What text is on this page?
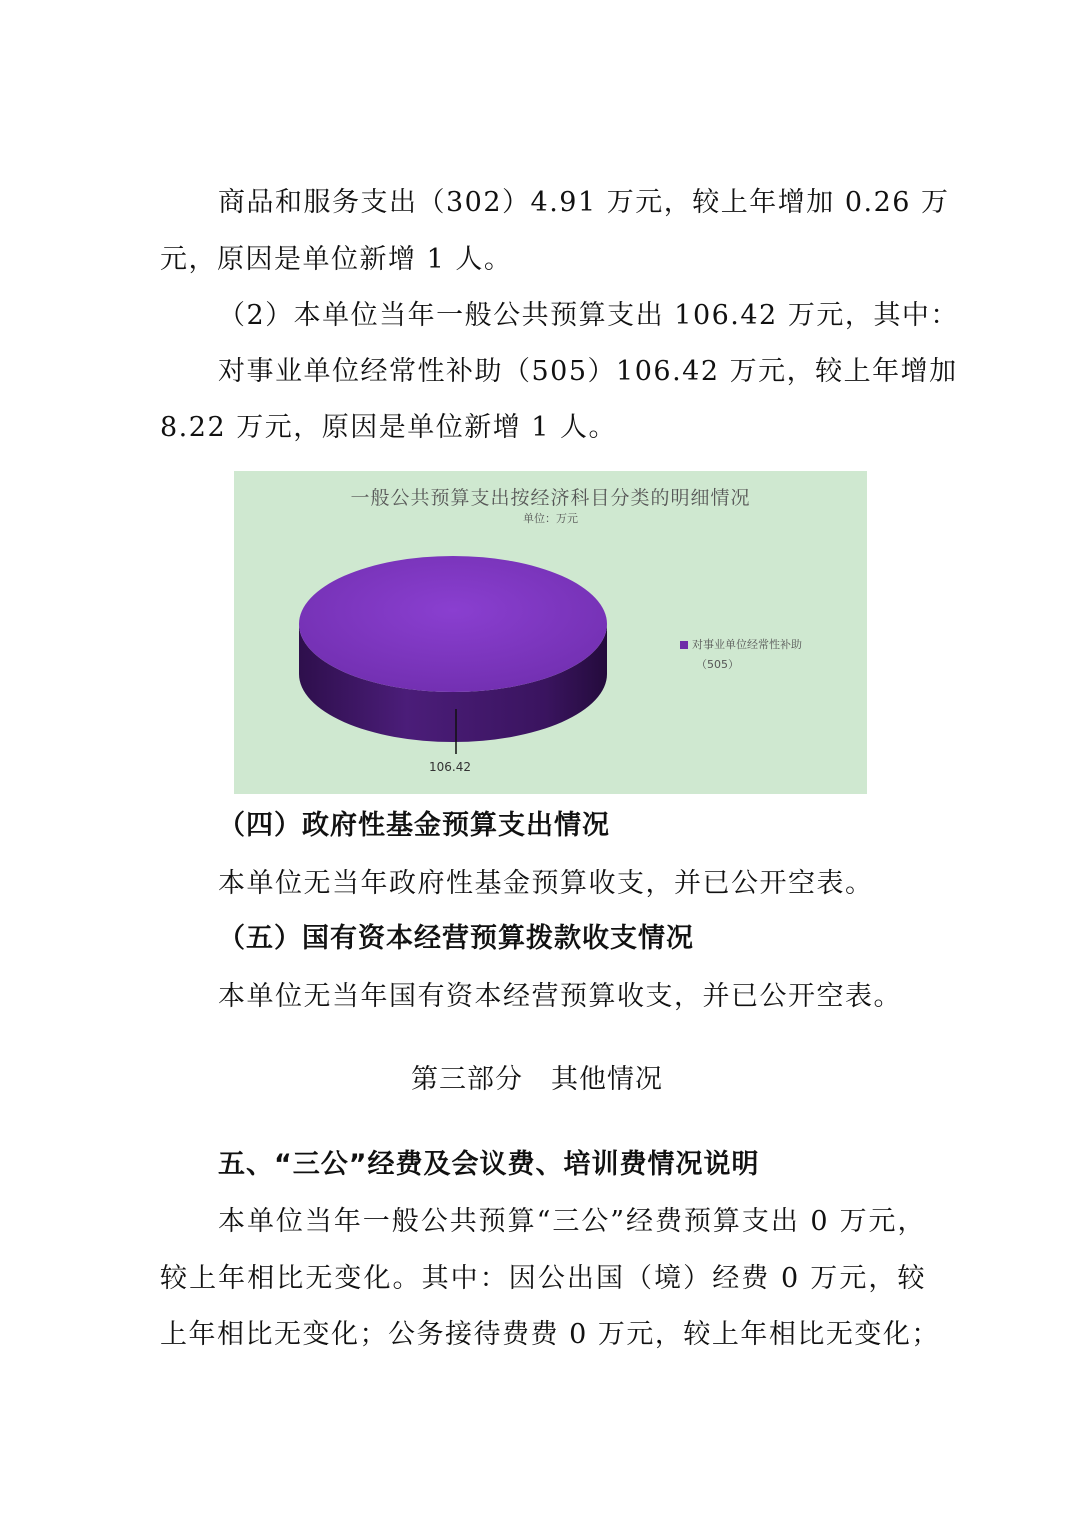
商品和服务支出（302）4.91 万元，较上年增加 0.26 万
元，原因是单位新增 1 人。
（2）本单位当年一般公共预算支出 106.42 万元，其中：
对事业单位经常性补助（505）106.42 万元，较上年增加
8.22 万元，原因是单位新增 1 人。
一般公共预算支出按经济科目分类的明细情况
单位：万元
对事业单位经常性补助
（505）
106.42
（四）政府性基金预算支出情况
本单位无当年政府性基金预算收支，并已公开空表。
（五）国有资本经营预算拨款收支情况
本单位无当年国有资本经营预算收支，并已公开空表。
第三部分　其他情况
五、“三公”经费及会议费、培训费情况说明
本单位当年一般公共预算“三公”经费预算支出 0 万元，
较上年相比无变化。其中：因公出国（境）经费 0 万元，较
上年相比无变化；公务接待费费 0 万元，较上年相比无变化；
